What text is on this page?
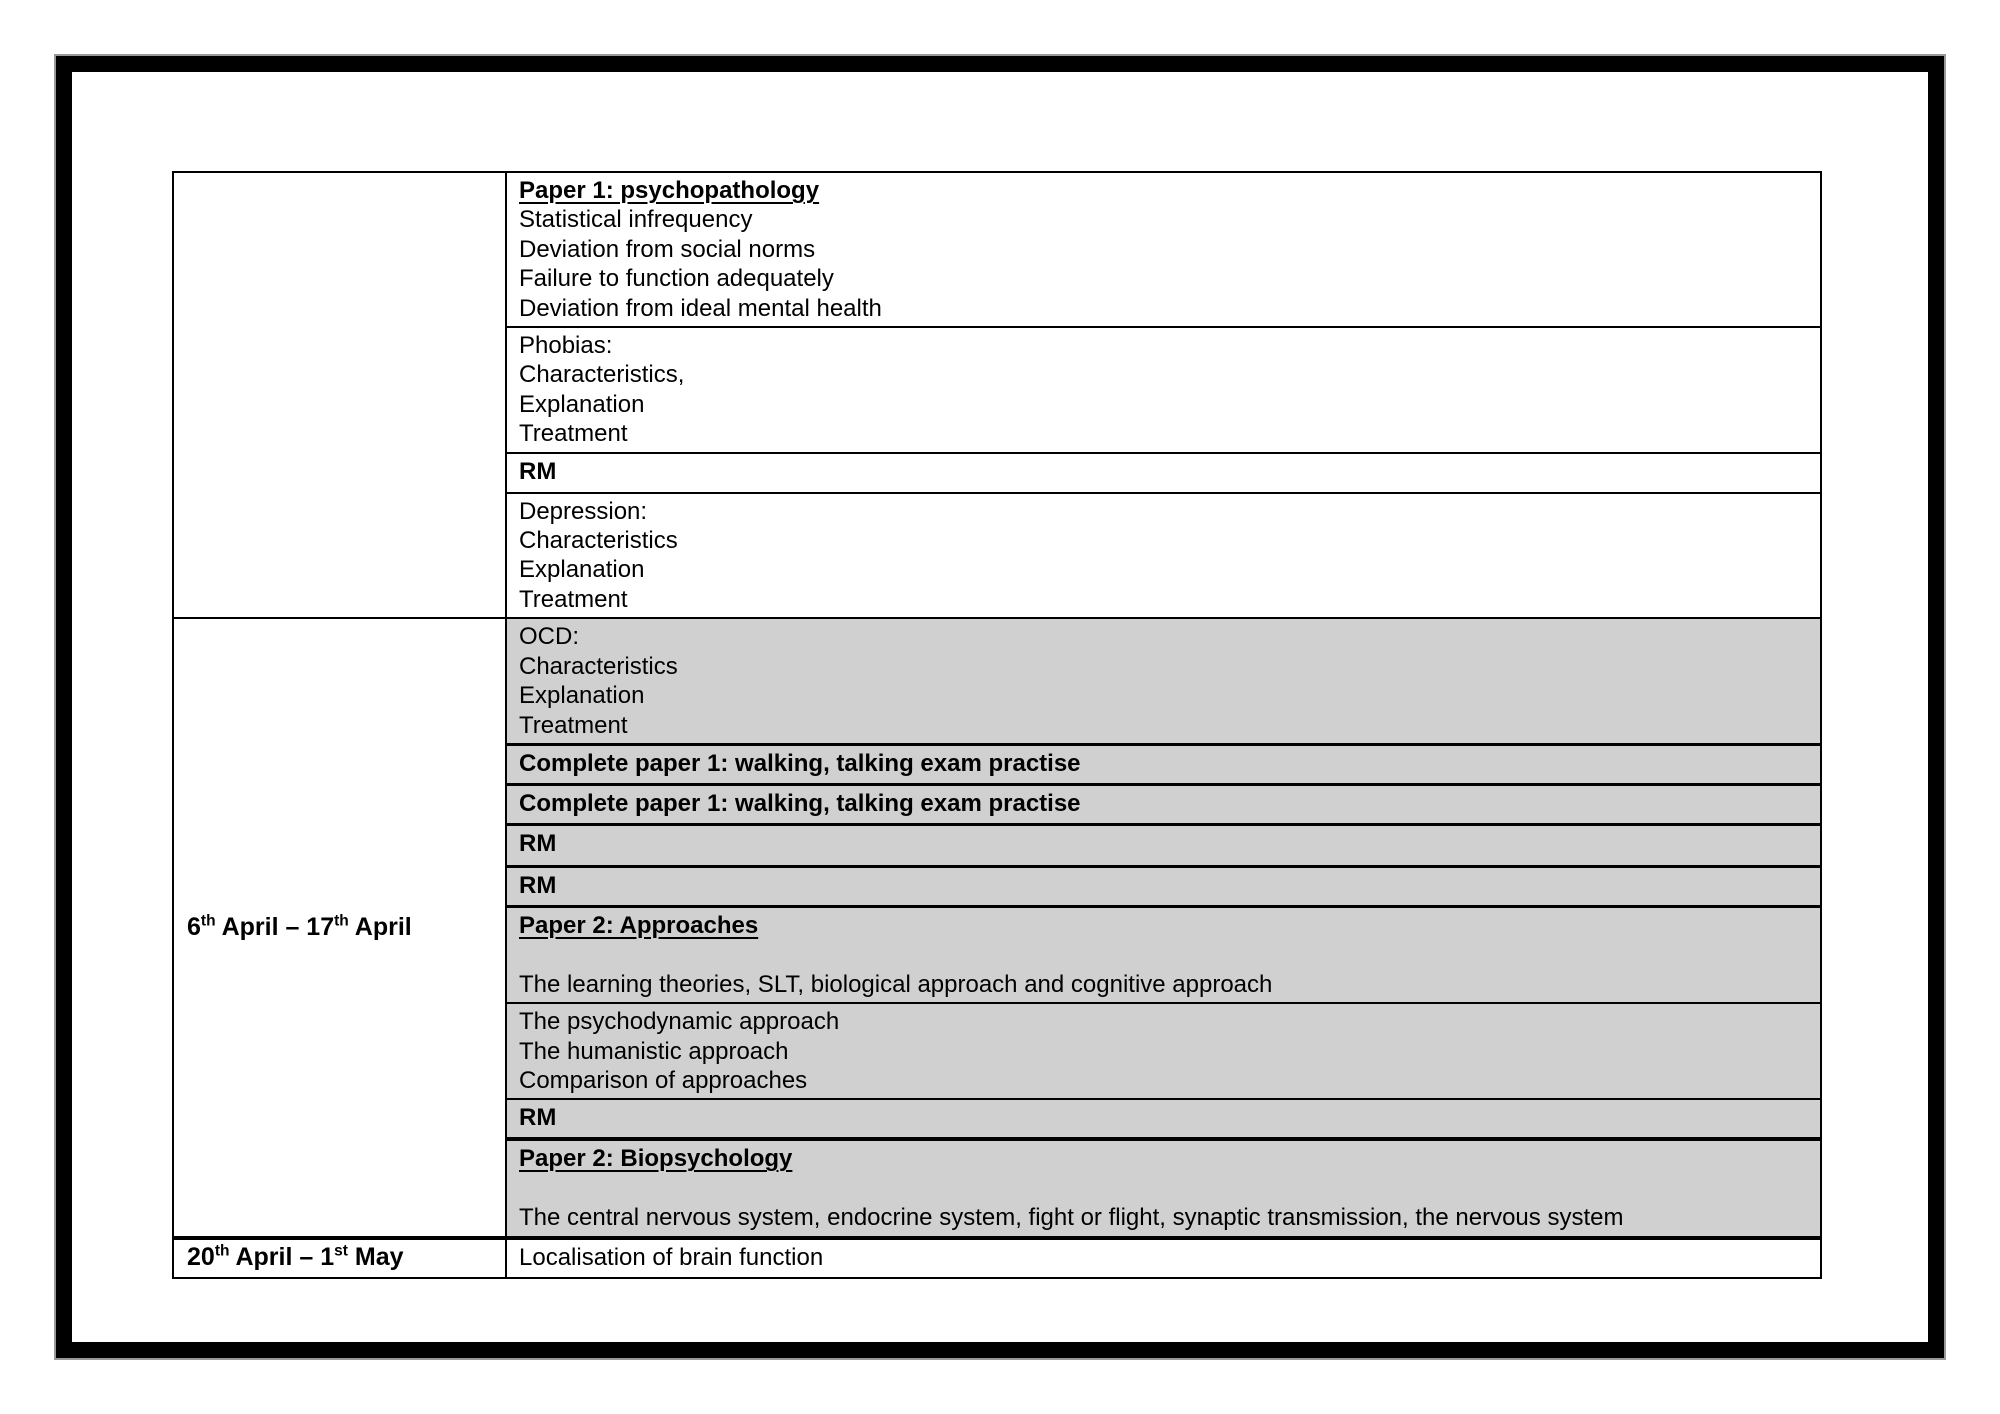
	Paper 1: psychopathology
Statistical infrequency
Deviation from social norms
Failure to function adequately
Deviation from ideal mental health

	Phobias:
Characteristics,
Explanation
Treatment

	RM

	Depression:
Characteristics
Explanation
Treatment

6th April – 17th April	OCD:
Characteristics
Explanation
Treatment

	Complete paper 1: walking, talking exam practise

	Complete paper 1: walking, talking exam practise

	RM

	RM

	Paper 2: Approaches

The learning theories, SLT, biological approach and cognitive approach

	The psychodynamic approach
The humanistic approach
Comparison of approaches

	RM

	Paper 2: Biopsychology

The central nervous system, endocrine system, fight or flight, synaptic transmission, the nervous system

20th April – 1st May	Localisation of brain function
